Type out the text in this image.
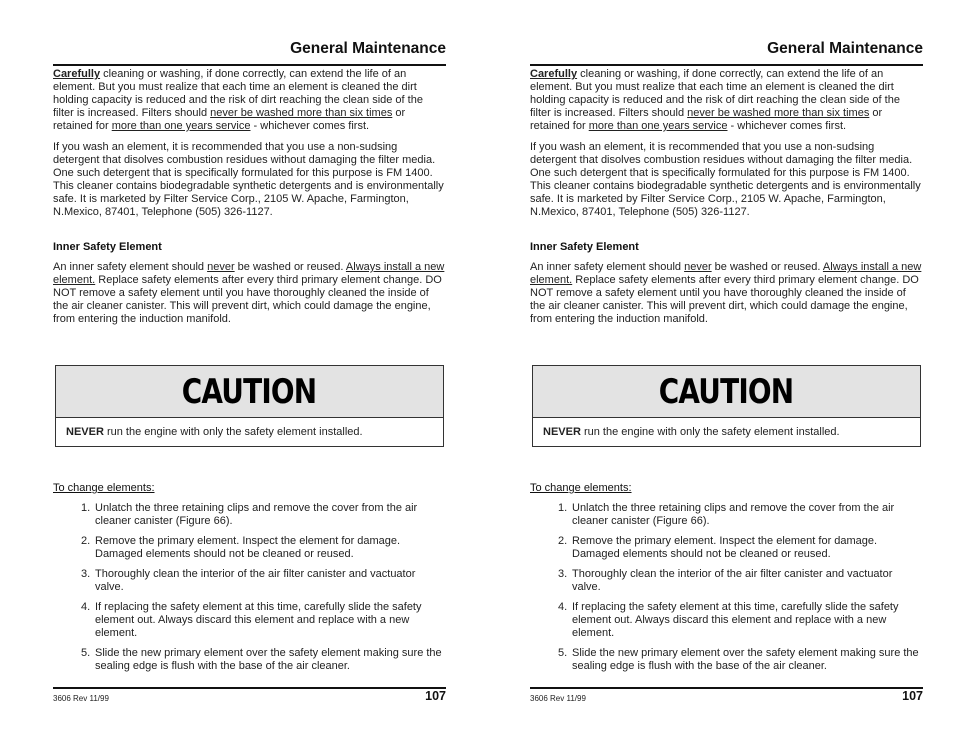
General Maintenance
Carefully cleaning or washing, if done correctly, can extend the life of an element. But you must realize that each time an element is cleaned the dirt holding capacity is reduced and the risk of dirt reaching the clean side of the filter is increased. Filters should never be washed more than six times or retained for more than one years service - whichever comes first.
If you wash an element, it is recommended that you use a non-sudsing detergent that disolves combustion residues without damaging the filter media. One such detergent that is specifically formulated for this purpose is FM 1400. This cleaner contains biodegradable synthetic detergents and is environmentally safe. It is marketed by Filter Service Corp., 2105 W. Apache, Farmington, N.Mexico, 87401, Telephone (505) 326-1127.
Inner Safety Element
An inner safety element should never be washed or reused. Always install a new element. Replace safety elements after every third primary element change. DO NOT remove a safety element until you have thoroughly cleaned the inside of the air cleaner canister. This will prevent dirt, which could damage the engine, from entering the induction manifold.
CAUTION
NEVER run the engine with only the safety element installed.
To change elements:
1. Unlatch the three retaining clips and remove the cover from the air cleaner canister (Figure 66).
2. Remove the primary element. Inspect the element for damage. Damaged elements should not be cleaned or reused.
3. Thoroughly clean the interior of the air filter canister and vactuator valve.
4. If replacing the safety element at this time, carefully slide the safety element out. Always discard this element and replace with a new element.
5. Slide the new primary element over the safety element making sure the sealing edge is flush with the base of the air cleaner.
3606 Rev 11/99	107
General Maintenance
Carefully cleaning or washing, if done correctly, can extend the life of an element. But you must realize that each time an element is cleaned the dirt holding capacity is reduced and the risk of dirt reaching the clean side of the filter is increased. Filters should never be washed more than six times or retained for more than one years service - whichever comes first.
If you wash an element, it is recommended that you use a non-sudsing detergent that disolves combustion residues without damaging the filter media. One such detergent that is specifically formulated for this purpose is FM 1400. This cleaner contains biodegradable synthetic detergents and is environmentally safe. It is marketed by Filter Service Corp., 2105 W. Apache, Farmington, N.Mexico, 87401, Telephone (505) 326-1127.
Inner Safety Element
An inner safety element should never be washed or reused. Always install a new element. Replace safety elements after every third primary element change. DO NOT remove a safety element until you have thoroughly cleaned the inside of the air cleaner canister. This will prevent dirt, which could damage the engine, from entering the induction manifold.
CAUTION
NEVER run the engine with only the safety element installed.
To change elements:
1. Unlatch the three retaining clips and remove the cover from the air cleaner canister (Figure 66).
2. Remove the primary element. Inspect the element for damage. Damaged elements should not be cleaned or reused.
3. Thoroughly clean the interior of the air filter canister and vactuator valve.
4. If replacing the safety element at this time, carefully slide the safety element out. Always discard this element and replace with a new element.
5. Slide the new primary element over the safety element making sure the sealing edge is flush with the base of the air cleaner.
3606 Rev 11/99	107
